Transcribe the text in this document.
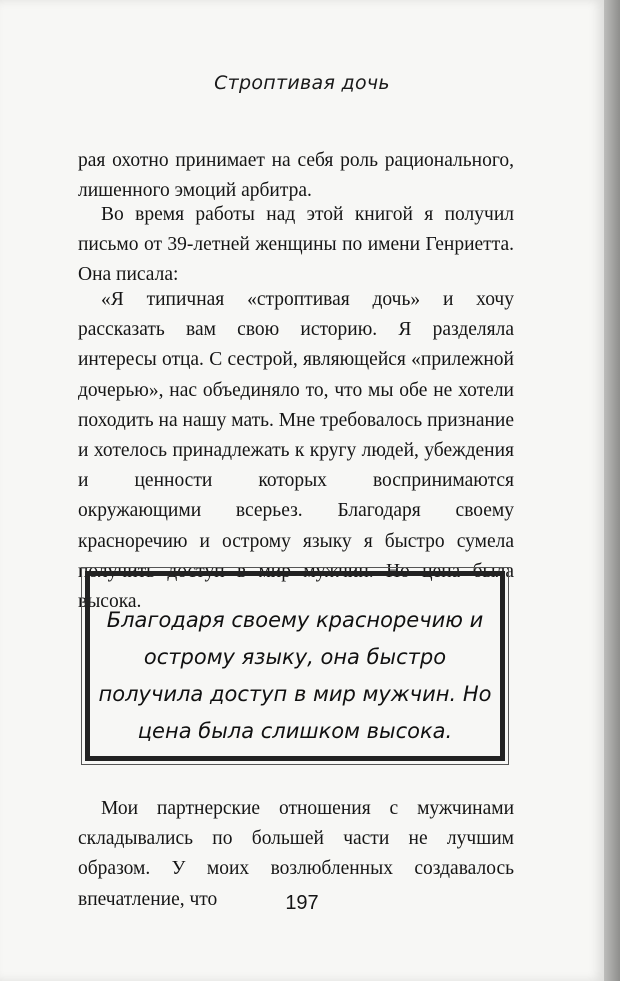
Строптивая дочь
рая охотно принимает на себя роль рационального, лишенного эмоций арбитра.
Во время работы над этой книгой я получил письмо от 39-летней женщины по имени Генриетта. Она писала:
«Я типичная «строптивая дочь» и хочу рассказать вам свою историю. Я разделяла интересы отца. С сестрой, являющейся «прилежной дочерью», нас объединяло то, что мы обе не хотели походить на нашу мать. Мне требовалось признание и хотелось принадлежать к кругу людей, убеждения и ценности которых воспринимаются окружающими всерьез. Благодаря своему красноречию и острому языку я быстро сумела получить доступ в мир мужчин. Но цена была высока.
Благодаря своему красноречию и острому языку, она быстро получила доступ в мир мужчин. Но цена была слишком высока.
Мои партнерские отношения с мужчинами складывались по большей части не лучшим образом. У моих возлюбленных создавалось впечатление, что	197
